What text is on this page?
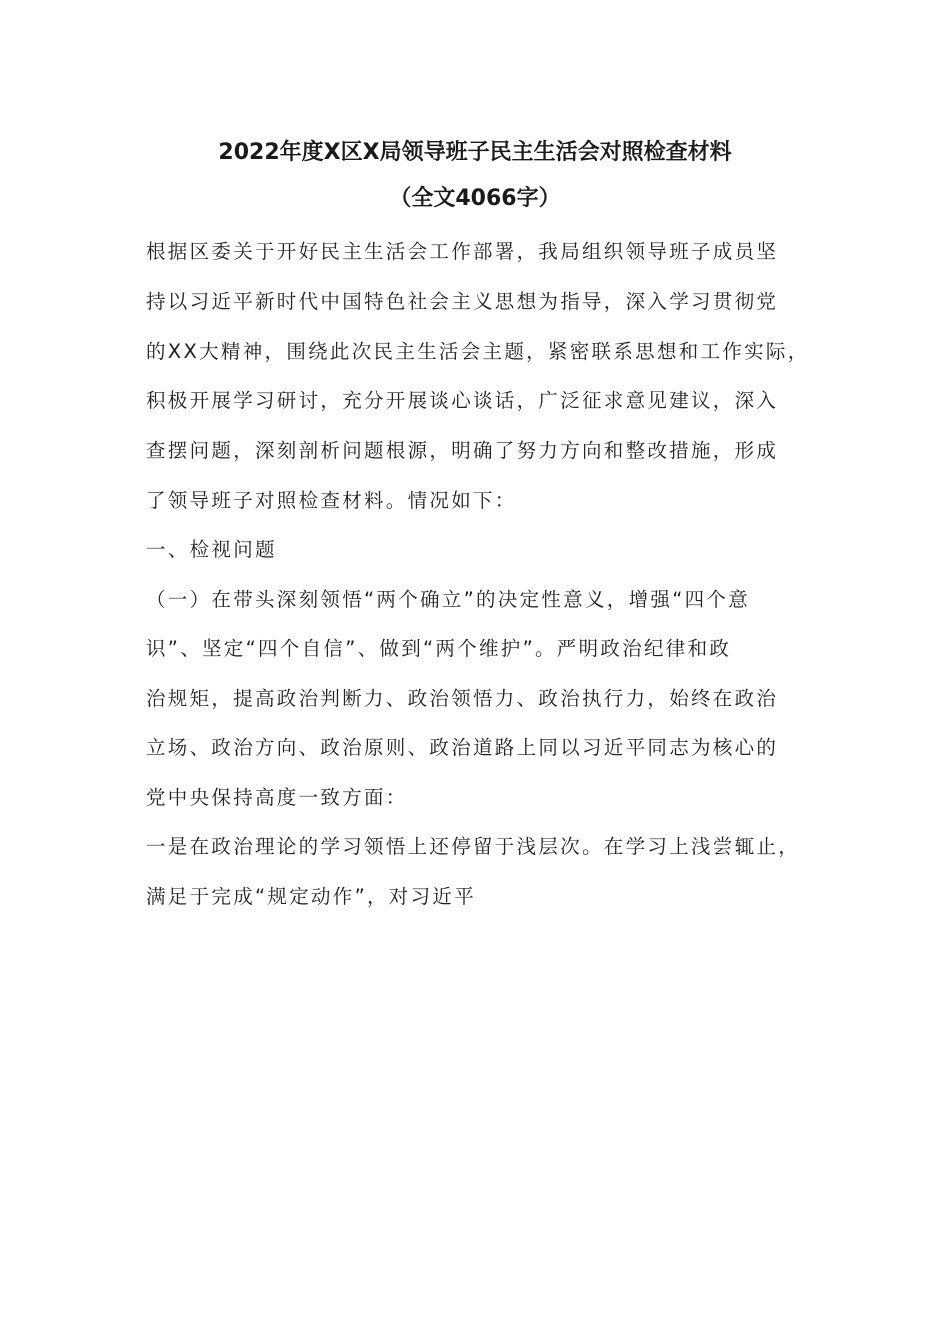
2022年度X区X局领导班子民主生活会对照检查材料
（全文4066字）
根据区委关于开好民主生活会工作部署，我局组织领导班子成员坚
持以习近平新时代中国特色社会主义思想为指导，深入学习贯彻党
的XX大精神，围绕此次民主生活会主题，紧密联系思想和工作实际，
积极开展学习研讨，充分开展谈心谈话，广泛征求意见建议，深入
查摆问题，深刻剖析问题根源，明确了努力方向和整改措施，形成
了领导班子对照检查材料。情况如下：
一、检视问题
（一）在带头深刻领悟“两个确立”的决定性意义，增强“四个意
识”、坚定“四个自信”、做到“两个维护”。严明政治纪律和政
治规矩，提高政治判断力、政治领悟力、政治执行力，始终在政治
立场、政治方向、政治原则、政治道路上同以习近平同志为核心的
党中央保持高度一致方面：
一是在政治理论的学习领悟上还停留于浅层次。在学习上浅尝辄止，
满足于完成“规定动作”，对习近平
